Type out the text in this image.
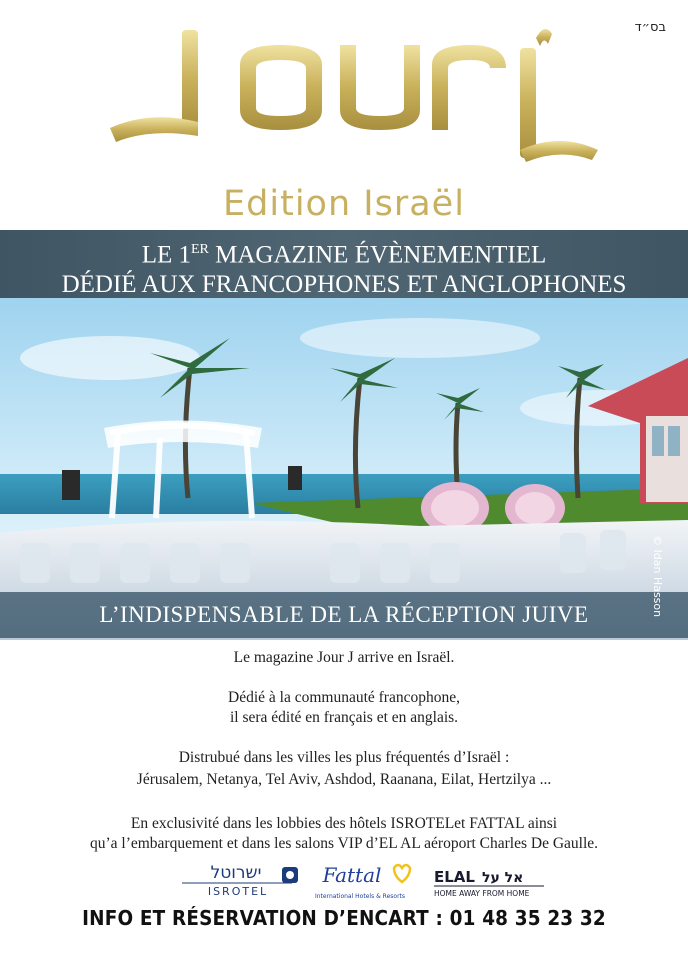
בס״ד
Edition Israël
LE 1ER MAGAZINE ÉVÈNEMENTIEL
DÉDIÉ AUX FRANCOPHONES ET ANGLOPHONES
L’INDISPENSABLE DE LA RÉCEPTION JUIVE	© Idan Hasson
Le magazine Jour J arrive en Israël.
Dédié à la communauté francophone,
il sera édité en français et en anglais.
Distrubué dans les villes les plus fréquentés d’Israël :
Jérusalem, Netanya, Tel Aviv, Ashdod, Raanana, Eilat, Hertzilya ...
En exclusivité dans les lobbies des hôtels ISROTELet FATTAL ainsi
qu’a l’embarquement et dans les salons VIP d’EL AL aéroport Charles De Gaulle.
ישרוטל
ISROTEL
Fattal
International Hotels & Resorts
ELAL אל על
HOME AWAY FROM HOME
INFO ET RÉSERVATION D’ENCART : 01 48 35 23 32
